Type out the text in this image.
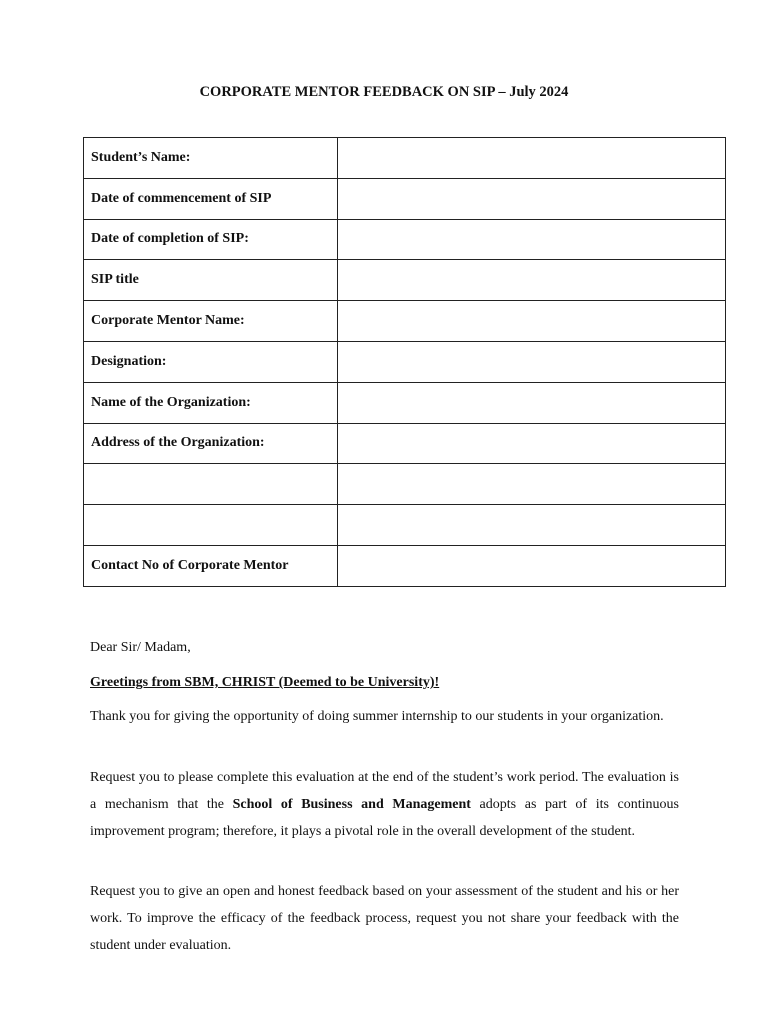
CORPORATE MENTOR FEEDBACK ON SIP – July 2024
Student’s Name:	
Date of commencement of SIP	
Date of completion of SIP:	
SIP title	
Corporate Mentor Name:	
Designation:	
Name of the Organization:	
Address of the Organization:	

Contact No of Corporate Mentor	
Dear Sir/ Madam,
Greetings from SBM, CHRIST (Deemed to be University)!
Thank you for giving the opportunity of doing summer internship to our students in your organization.
Request you to please complete this evaluation at the end of the student’s work period. The evaluation is a mechanism that the School of Business and Management adopts as part of its continuous improvement program; therefore, it plays a pivotal role in the overall development of the student.
Request you to give an open and honest feedback based on your assessment of the student and his or her work. To improve the efficacy of the feedback process, request you not share your feedback with the student under evaluation.
